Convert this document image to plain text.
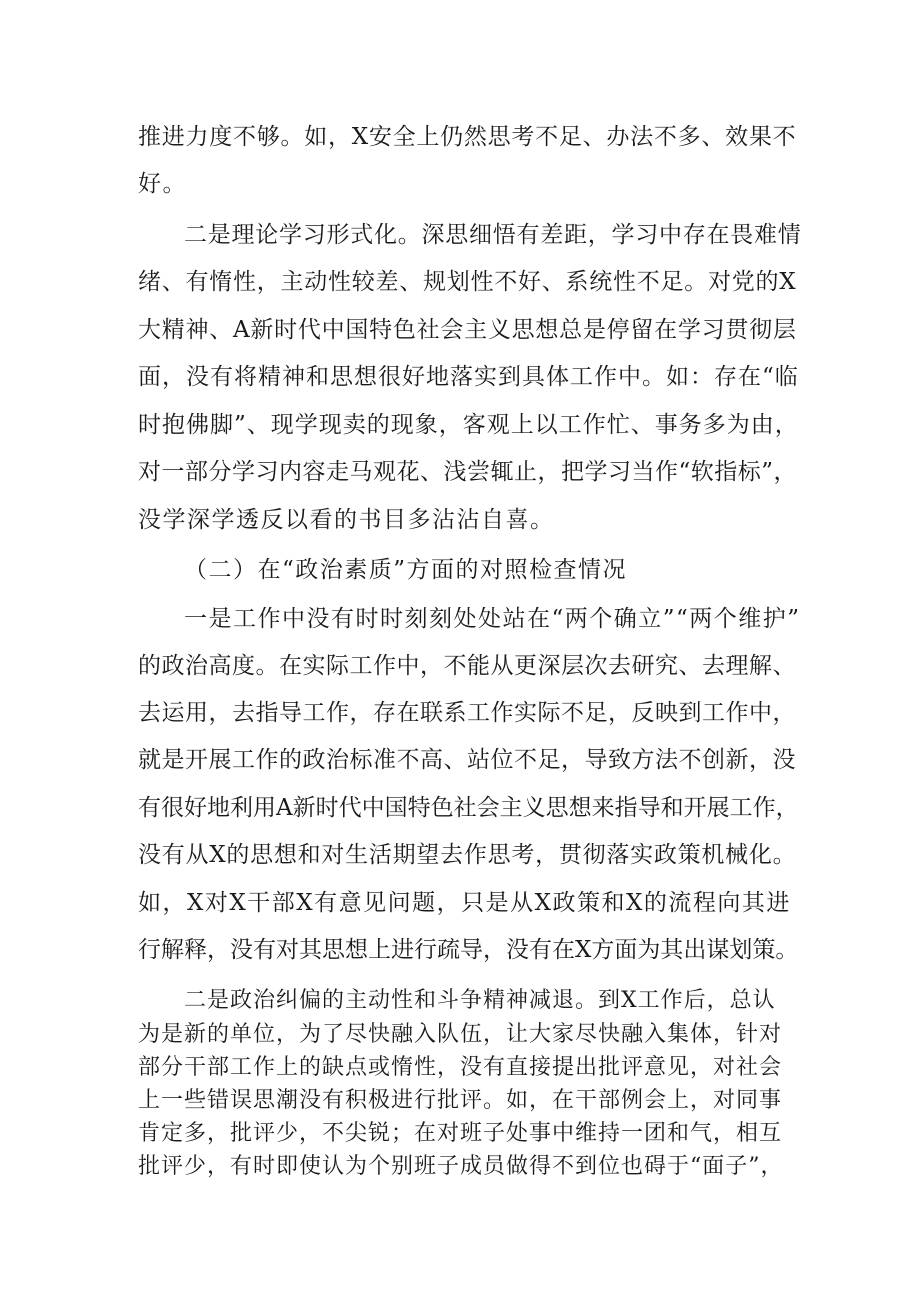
推进力度不够。如，X安全上仍然思考不足、办法不多、效果不

好。

二是理论学习形式化。深思细悟有差距，学习中存在畏难情

绪、有惰性，主动性较差、规划性不好、系统性不足。对党的X

大精神、A新时代中国特色社会主义思想总是停留在学习贯彻层

面，没有将精神和思想很好地落实到具体工作中。如：存在“临

时抱佛脚”、现学现卖的现象，客观上以工作忙、事务多为由，

对一部分学习内容走马观花、浅尝辄止，把学习当作“软指标”，

没学深学透反以看的书目多沾沾自喜。

（二）在“政治素质”方面的对照检查情况

一是工作中没有时时刻刻处处站在“两个确立”“两个维护”

的政治高度。在实际工作中，不能从更深层次去研究、去理解、

去运用，去指导工作，存在联系工作实际不足，反映到工作中，

就是开展工作的政治标准不高、站位不足，导致方法不创新，没

有很好地利用A新时代中国特色社会主义思想来指导和开展工作，

没有从X的思想和对生活期望去作思考，贯彻落实政策机械化。

如，X对X干部X有意见问题，只是从X政策和X的流程向其进

行解释，没有对其思想上进行疏导，没有在X方面为其出谋划策。

二是政治纠偏的主动性和斗争精神减退。到X工作后，总认

为是新的单位，为了尽快融入队伍，让大家尽快融入集体，针对

部分干部工作上的缺点或惰性，没有直接提出批评意见，对社会

上一些错误思潮没有积极进行批评。如，在干部例会上，对同事

肯定多，批评少，不尖锐；在对班子处事中维持一团和气，相互

批评少，有时即使认为个别班子成员做得不到位也碍于“面子”，
